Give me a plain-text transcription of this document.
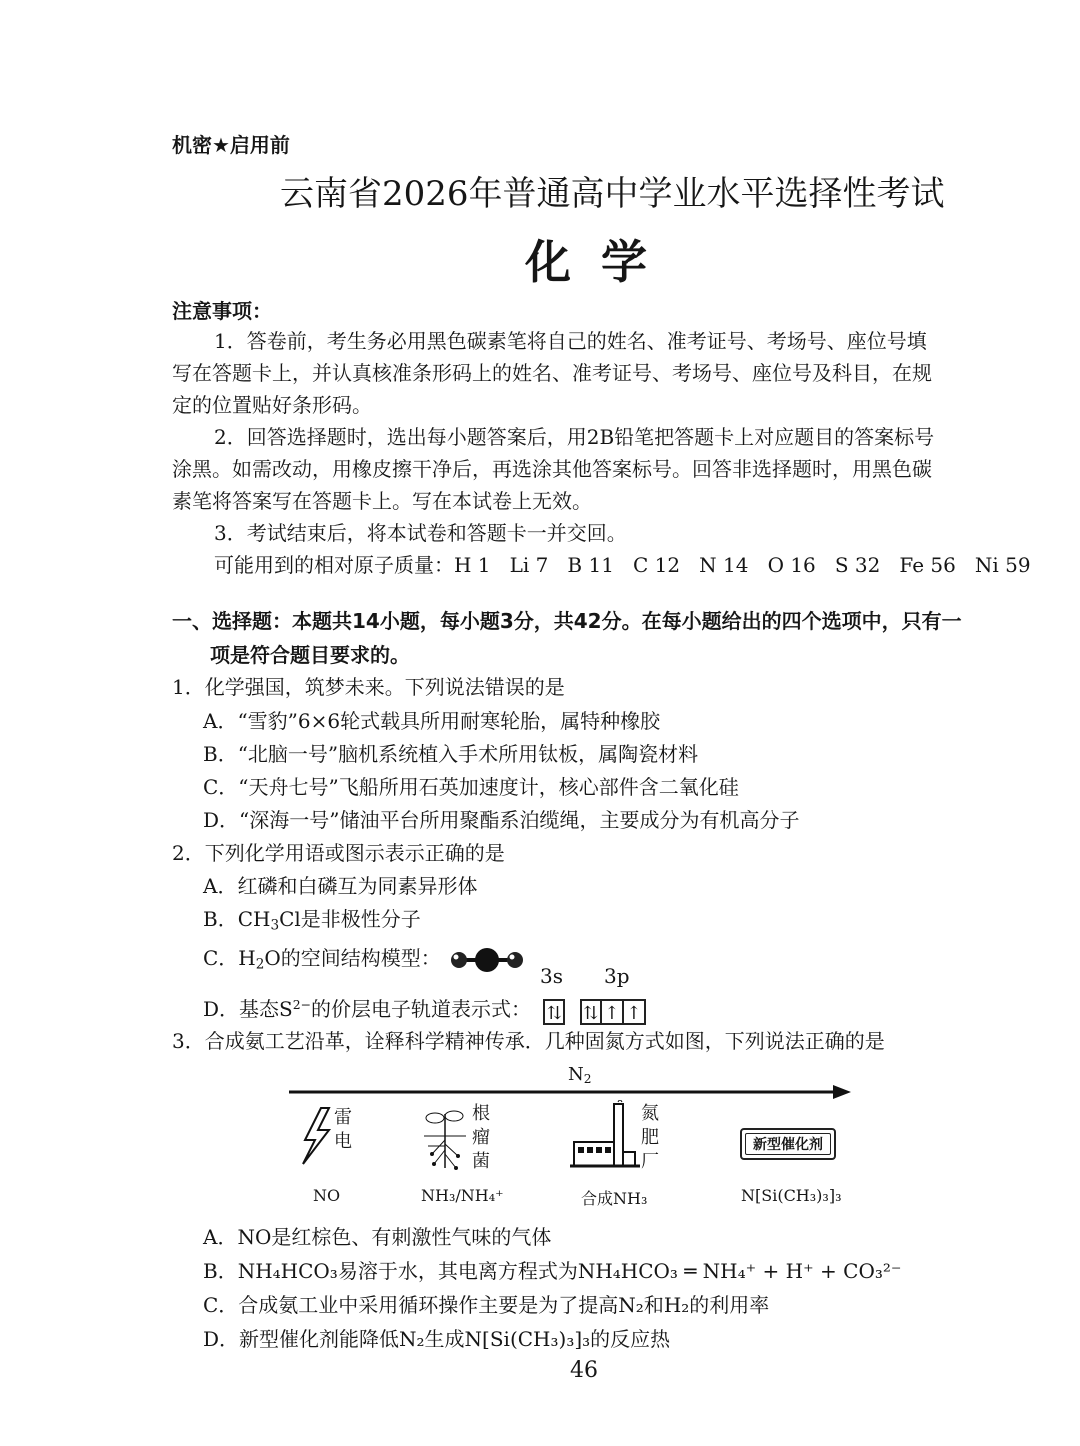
机密★启用前
云南省2026年普通高中学业水平选择性考试
化学
注意事项：
1．答卷前，考生务必用黑色碳素笔将自己的姓名、准考证号、考场号、座位号填
写在答题卡上，并认真核准条形码上的姓名、准考证号、考场号、座位号及科目，在规
定的位置贴好条形码。
2．回答选择题时，选出每小题答案后，用2B铅笔把答题卡上对应题目的答案标号
涂黑。如需改动，用橡皮擦干净后，再选涂其他答案标号。回答非选择题时，用黑色碳
素笔将答案写在答题卡上。写在本试卷上无效。
3．考试结束后，将本试卷和答题卡一并交回。
可能用到的相对原子质量：H 1   Li 7   B 11   C 12   N 14   O 16   S 32   Fe 56   Ni 59
一、选择题：本题共14小题，每小题3分，共42分。在每小题给出的四个选项中，只有一
项是符合题目要求的。
1．化学强国，筑梦未来。下列说法错误的是
A．“雪豹”6×6轮式载具所用耐寒轮胎，属特种橡胶
B．“北脑一号”脑机系统植入手术所用钛板，属陶瓷材料
C．“天舟七号”飞船所用石英加速度计，核心部件含二氧化硅
D．“深海一号”储油平台所用聚酯系泊缆绳，主要成分为有机高分子
2．下列化学用语或图示表示正确的是
A．红磷和白磷互为同素异形体
B．$CH_3Cl$是非极性分子
C．$H_2O$的空间结构模型：
3s 3p
D．基态$S^{2-}$的价层电子轨道表示式： ⇅ ⇅ ↑ ↑
3．合成氨工艺沿革，诠释科学精神传承．几种固氮方式如图，下列说法正确的是
$N_2$
雷
电
根
瘤
菌
氮
肥
厂
新型催化剂
NO	NH₃/NH₄⁺	合成NH₃	N[Si(CH₃)₃]₃
A．NO是红棕色、有刺激性气味的气体
B．NH₄HCO₃易溶于水，其电离方程式为NH₄HCO₃ ═ NH₄⁺ + H⁺ + CO₃²⁻
C．合成氨工业中采用循环操作主要是为了提高N₂和H₂的利用率
D．新型催化剂能降低N₂生成N[Si(CH₃)₃]₃的反应热
46
